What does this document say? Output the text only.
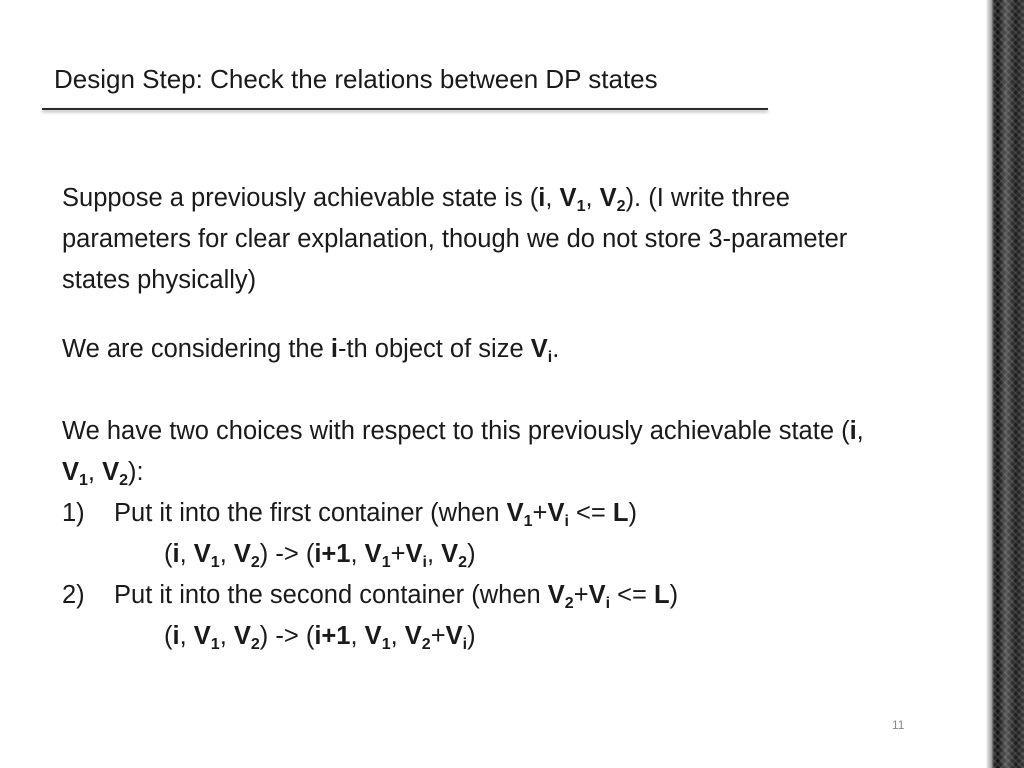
Design Step: Check the relations between DP states

Suppose a previously achievable state is (i, $V_1$, $V_2$). (I write three parameters for clear explanation, though we do not store 3-parameter states physically)

We are considering the i-th object of size $V_i$.

We have two choices with respect to this previously achievable state (i, $V_1$, $V_2$):

1)	Put it into the first container (when $V_1+V_i <= L$)

(i, $V_1$, $V_2) -> (i+1$, $V_1+V_i$, $V_2$)

2)	Put it into the second container (when $V_2+V_i <= L$)

(i, $V_1$, $V_2) -> (i+1$, $V_1$, $V_2+V_i$)

11
